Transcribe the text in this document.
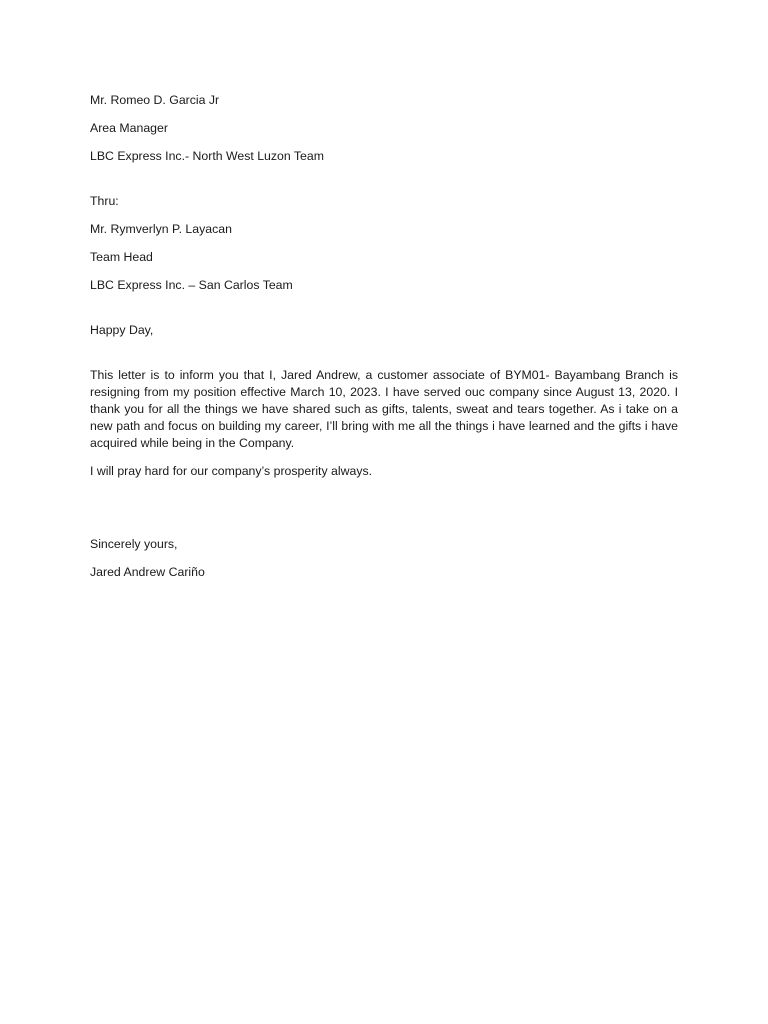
Mr. Romeo D. Garcia Jr

Area Manager

LBC Express Inc.- North West Luzon Team

Thru:

Mr. Rymverlyn P. Layacan

Team Head

LBC Express Inc. – San Carlos Team

Happy Day,

This letter is to inform you that I, Jared Andrew, a customer associate of BYM01- Bayambang Branch is resigning from my position effective March 10, 2023. I have served ouc company since August 13, 2020. I thank you for all the things we have shared such as gifts, talents, sweat and tears together. As i take on a new path and focus on building my career, I’ll bring with me all the things i have learned and the gifts i have acquired while being in the Company.

I will pray hard for our company’s prosperity always.

Sincerely yours,

Jared Andrew Cariño
